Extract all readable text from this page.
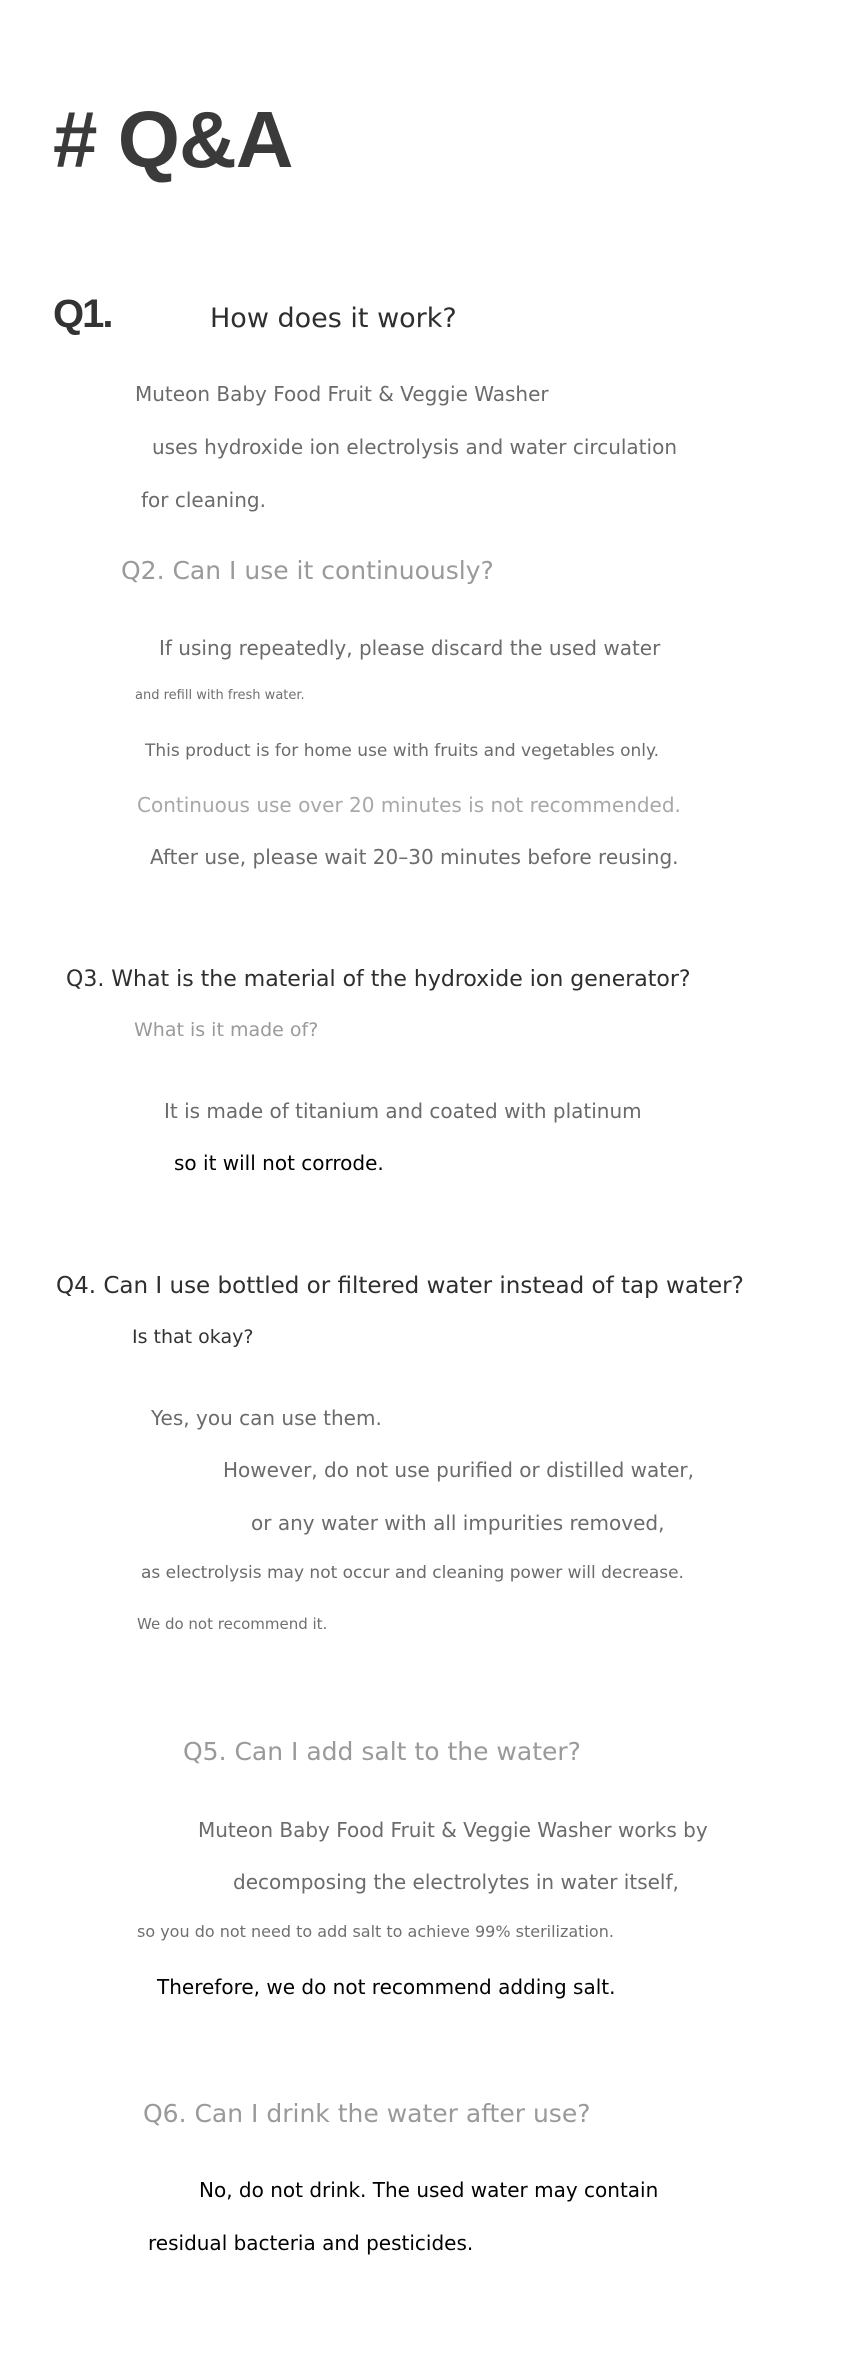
# Q&A
Q1.	How does it work?

Muteon Baby Food Fruit & Veggie Washer

uses hydroxide ion electrolysis and water circulation

for cleaning.

Q2. Can I use it continuously?

If using repeatedly, please discard the used water

and refill with fresh water.

This product is for home use with fruits and vegetables only.

Continuous use over 20 minutes is not recommended.

After use, please wait 20–30 minutes before reusing.

Q3. What is the material of the hydroxide ion generator?

What is it made of?

It is made of titanium and coated with platinum

so it will not corrode.

Q4. Can I use bottled or filtered water instead of tap water?

Is that okay?

Yes, you can use them.

However, do not use purified or distilled water,

or any water with all impurities removed,

as electrolysis may not occur and cleaning power will decrease.

We do not recommend it.

Q5. Can I add salt to the water?

Muteon Baby Food Fruit & Veggie Washer works by

decomposing the electrolytes in water itself,

so you do not need to add salt to achieve 99% sterilization.

Therefore, we do not recommend adding salt.

Q6. Can I drink the water after use?

No, do not drink. The used water may contain

residual bacteria and pesticides.
